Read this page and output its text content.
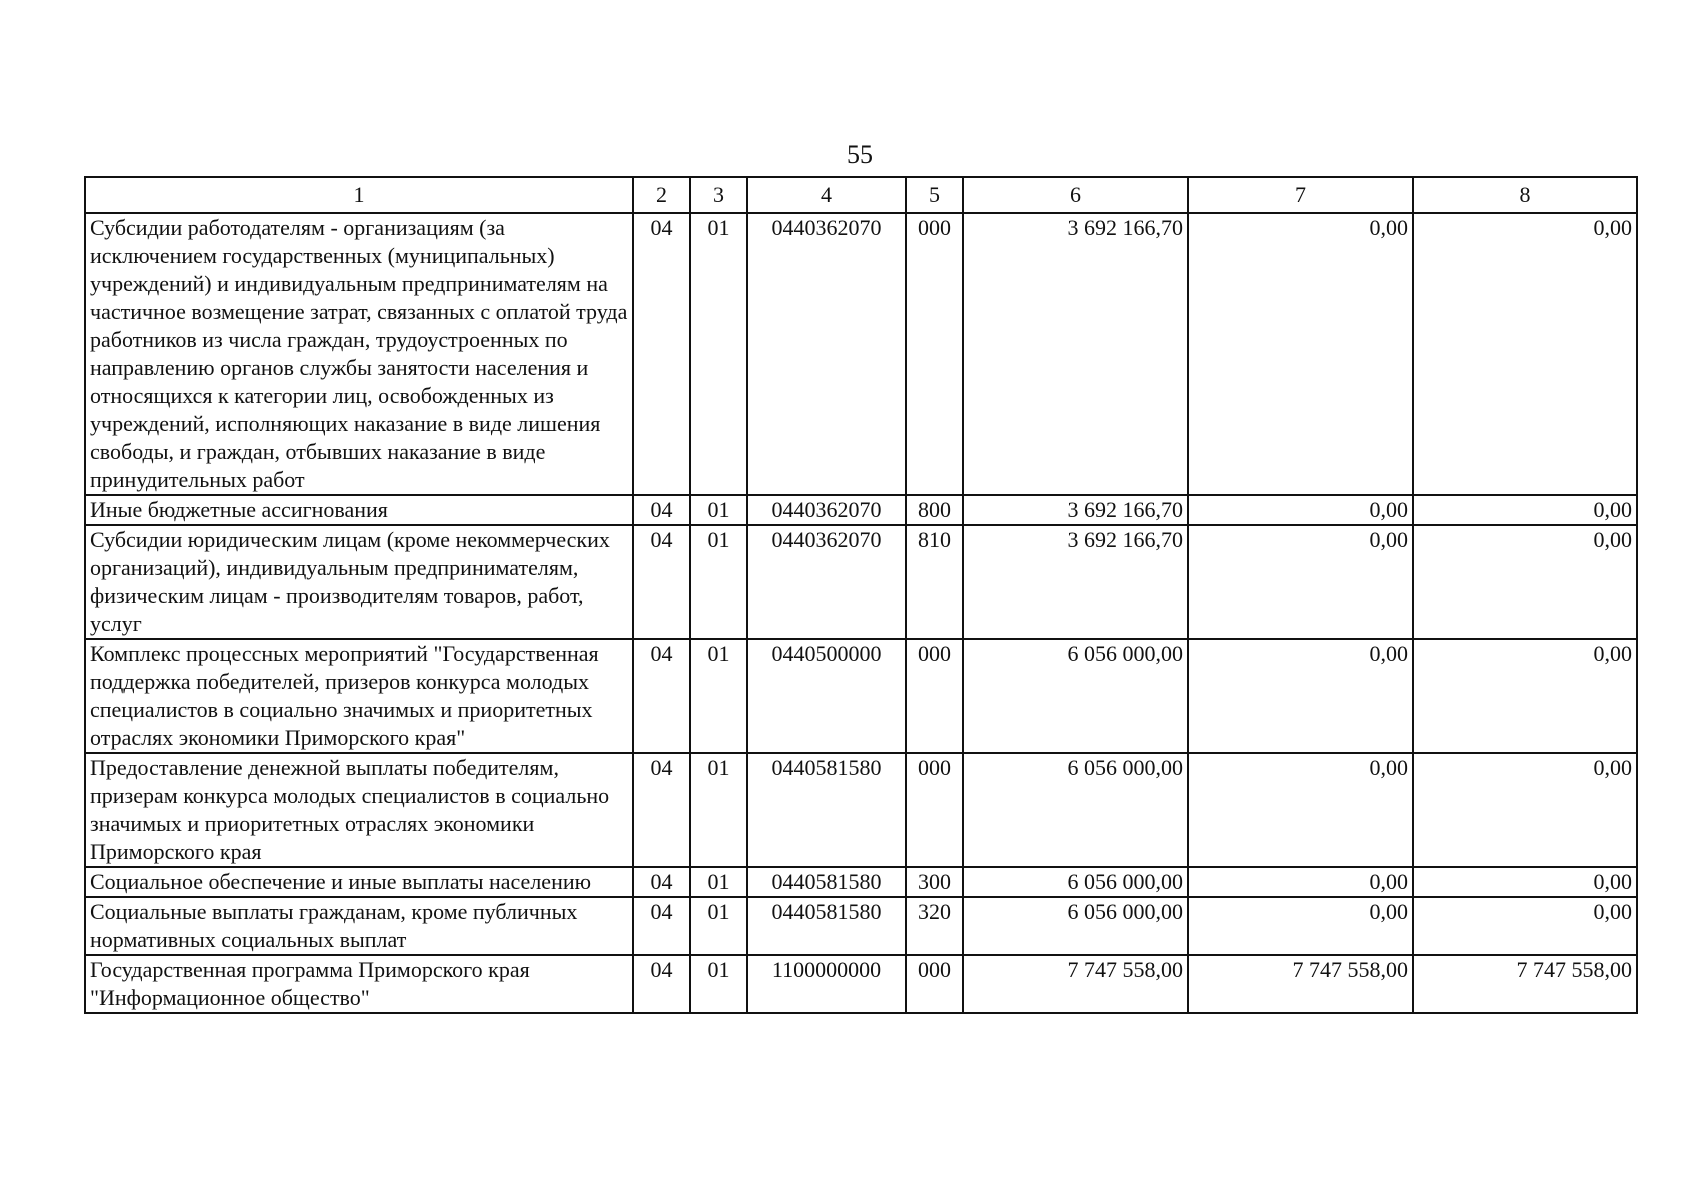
55
1	2	3	4	5	6	7	8
Субсидии работодателям - организациям (за исключением государственных (муниципальных) учреждений) и индивидуальным предпринимателям на частичное возмещение затрат, связанных с оплатой труда работников из числа граждан, трудоустроенных по направлению органов службы занятости населения и относящихся к категории лиц, освобожденных из учреждений, исполняющих наказание в виде лишения свободы, и граждан, отбывших наказание в виде принудительных работ	04	01	0440362070	000	3 692 166,70	0,00	0,00
Иные бюджетные ассигнования	04	01	0440362070	800	3 692 166,70	0,00	0,00
Субсидии юридическим лицам (кроме некоммерческих организаций), индивидуальным предпринимателям, физическим лицам - производителям товаров, работ, услуг	04	01	0440362070	810	3 692 166,70	0,00	0,00
Комплекс процессных мероприятий "Государственная поддержка победителей, призеров конкурса молодых специалистов в социально значимых и приоритетных отраслях экономики Приморского края"	04	01	0440500000	000	6 056 000,00	0,00	0,00
Предоставление денежной выплаты победителям, призерам конкурса молодых специалистов в социально значимых и приоритетных отраслях экономики Приморского края	04	01	0440581580	000	6 056 000,00	0,00	0,00
Социальное обеспечение и иные выплаты населению	04	01	0440581580	300	6 056 000,00	0,00	0,00
Социальные выплаты гражданам, кроме публичных нормативных социальных выплат	04	01	0440581580	320	6 056 000,00	0,00	0,00
Государственная программа Приморского края "Информационное общество"	04	01	1100000000	000	7 747 558,00	7 747 558,00	7 747 558,00
